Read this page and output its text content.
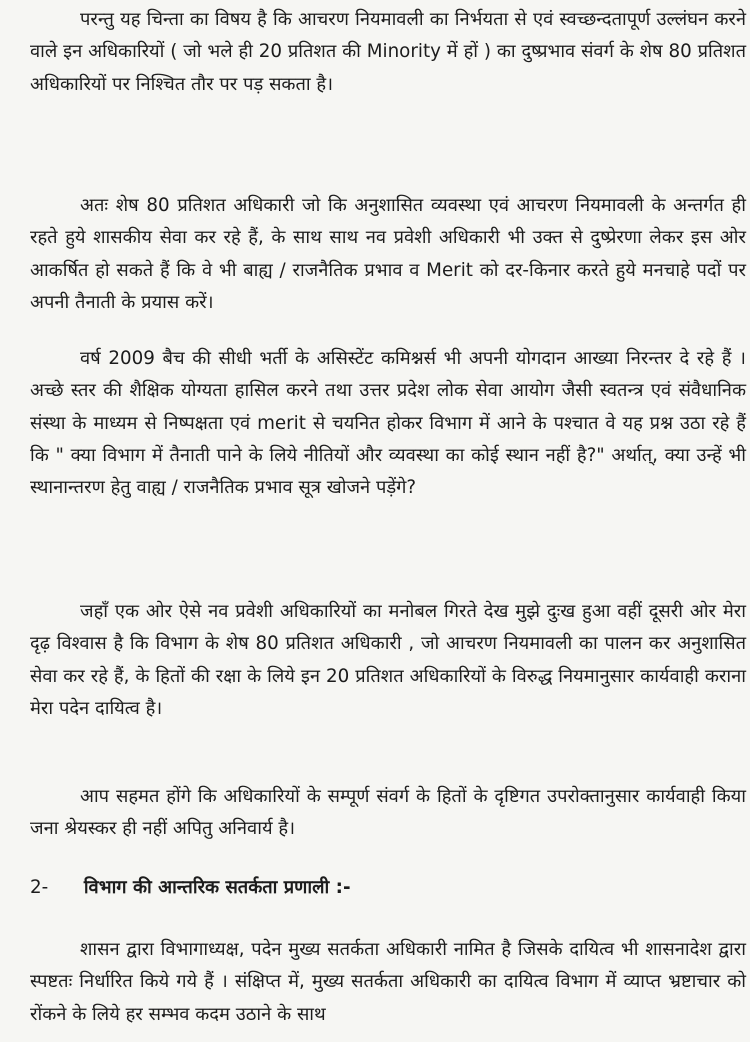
परन्तु यह चिन्ता का विषय है कि आचरण नियमावली का निर्भयता से एवं स्वच्छन्दतापूर्ण उल्लंघन करने वाले इन अधिकारियों ( जो भले ही 20 प्रतिशत की Minority में हों ) का दुष्प्रभाव संवर्ग के शेष 80 प्रतिशत अधिकारियों पर निश्चित तौर पर पड़ सकता है।

अतः शेष 80 प्रतिशत अधिकारी जो कि अनुशासित व्यवस्था एवं आचरण नियमावली के अन्तर्गत ही रहते हुये शासकीय सेवा कर रहे हैं, के साथ साथ नव प्रवेशी अधिकारी भी उक्त से दुष्प्रेरणा लेकर इस ओर आकर्षित हो सकते हैं कि वे भी बाह्य / राजनैतिक प्रभाव व Merit को दर-किनार करते हुये मनचाहे पदों पर अपनी तैनाती के प्रयास करें।

वर्ष 2009 बैच की सीधी भर्ती के असिस्टेंट कमिश्नर्स भी अपनी योगदान आख्या निरन्तर दे रहे हैं । अच्छे स्तर की शैक्षिक योग्यता हासिल करने तथा उत्तर प्रदेश लोक सेवा आयोग जैसी स्वतन्त्र एवं संवैधानिक संस्था के माध्यम से निष्पक्षता एवं merit से चयनित होकर विभाग में आने के पश्चात वे यह प्रश्न उठा रहे हैं कि " क्या विभाग में तैनाती पाने के लिये नीतियों और व्यवस्था का कोई स्थान नहीं है?" अर्थात्, क्या उन्हें भी स्थानान्तरण हेतु वाह्य / राजनैतिक प्रभाव सूत्र खोजने पड़ेंगे?

जहाँ एक ओर ऐसे नव प्रवेशी अधिकारियों का मनोबल गिरते देख मुझे दुःख हुआ वहीं दूसरी ओर मेरा दृढ़ विश्वास है कि विभाग के शेष 80 प्रतिशत अधिकारी , जो आचरण नियमावली का पालन कर अनुशासित सेवा कर रहे हैं, के हितों की रक्षा के लिये इन 20 प्रतिशत अधिकारियों के विरुद्ध नियमानुसार कार्यवाही कराना मेरा पदेन दायित्व है।

आप सहमत होंगे कि अधिकारियों के सम्पूर्ण संवर्ग के हितों के दृष्टिगत उपरोक्तानुसार कार्यवाही किया जना श्रेयस्कर ही नहीं अपितु अनिवार्य है।

2- विभाग की आन्तरिक सतर्कता प्रणाली :-

शासन द्वारा विभागाध्यक्ष, पदेन मुख्य सतर्कता अधिकारी नामित है जिसके दायित्व भी शासनादेश द्वारा स्पष्टतः निर्धारित किये गये हैं । संक्षिप्त में, मुख्य सतर्कता अधिकारी का दायित्व विभाग में व्याप्त भ्रष्टाचार को रोंकने के लिये हर सम्भव कदम उठाने के साथ
